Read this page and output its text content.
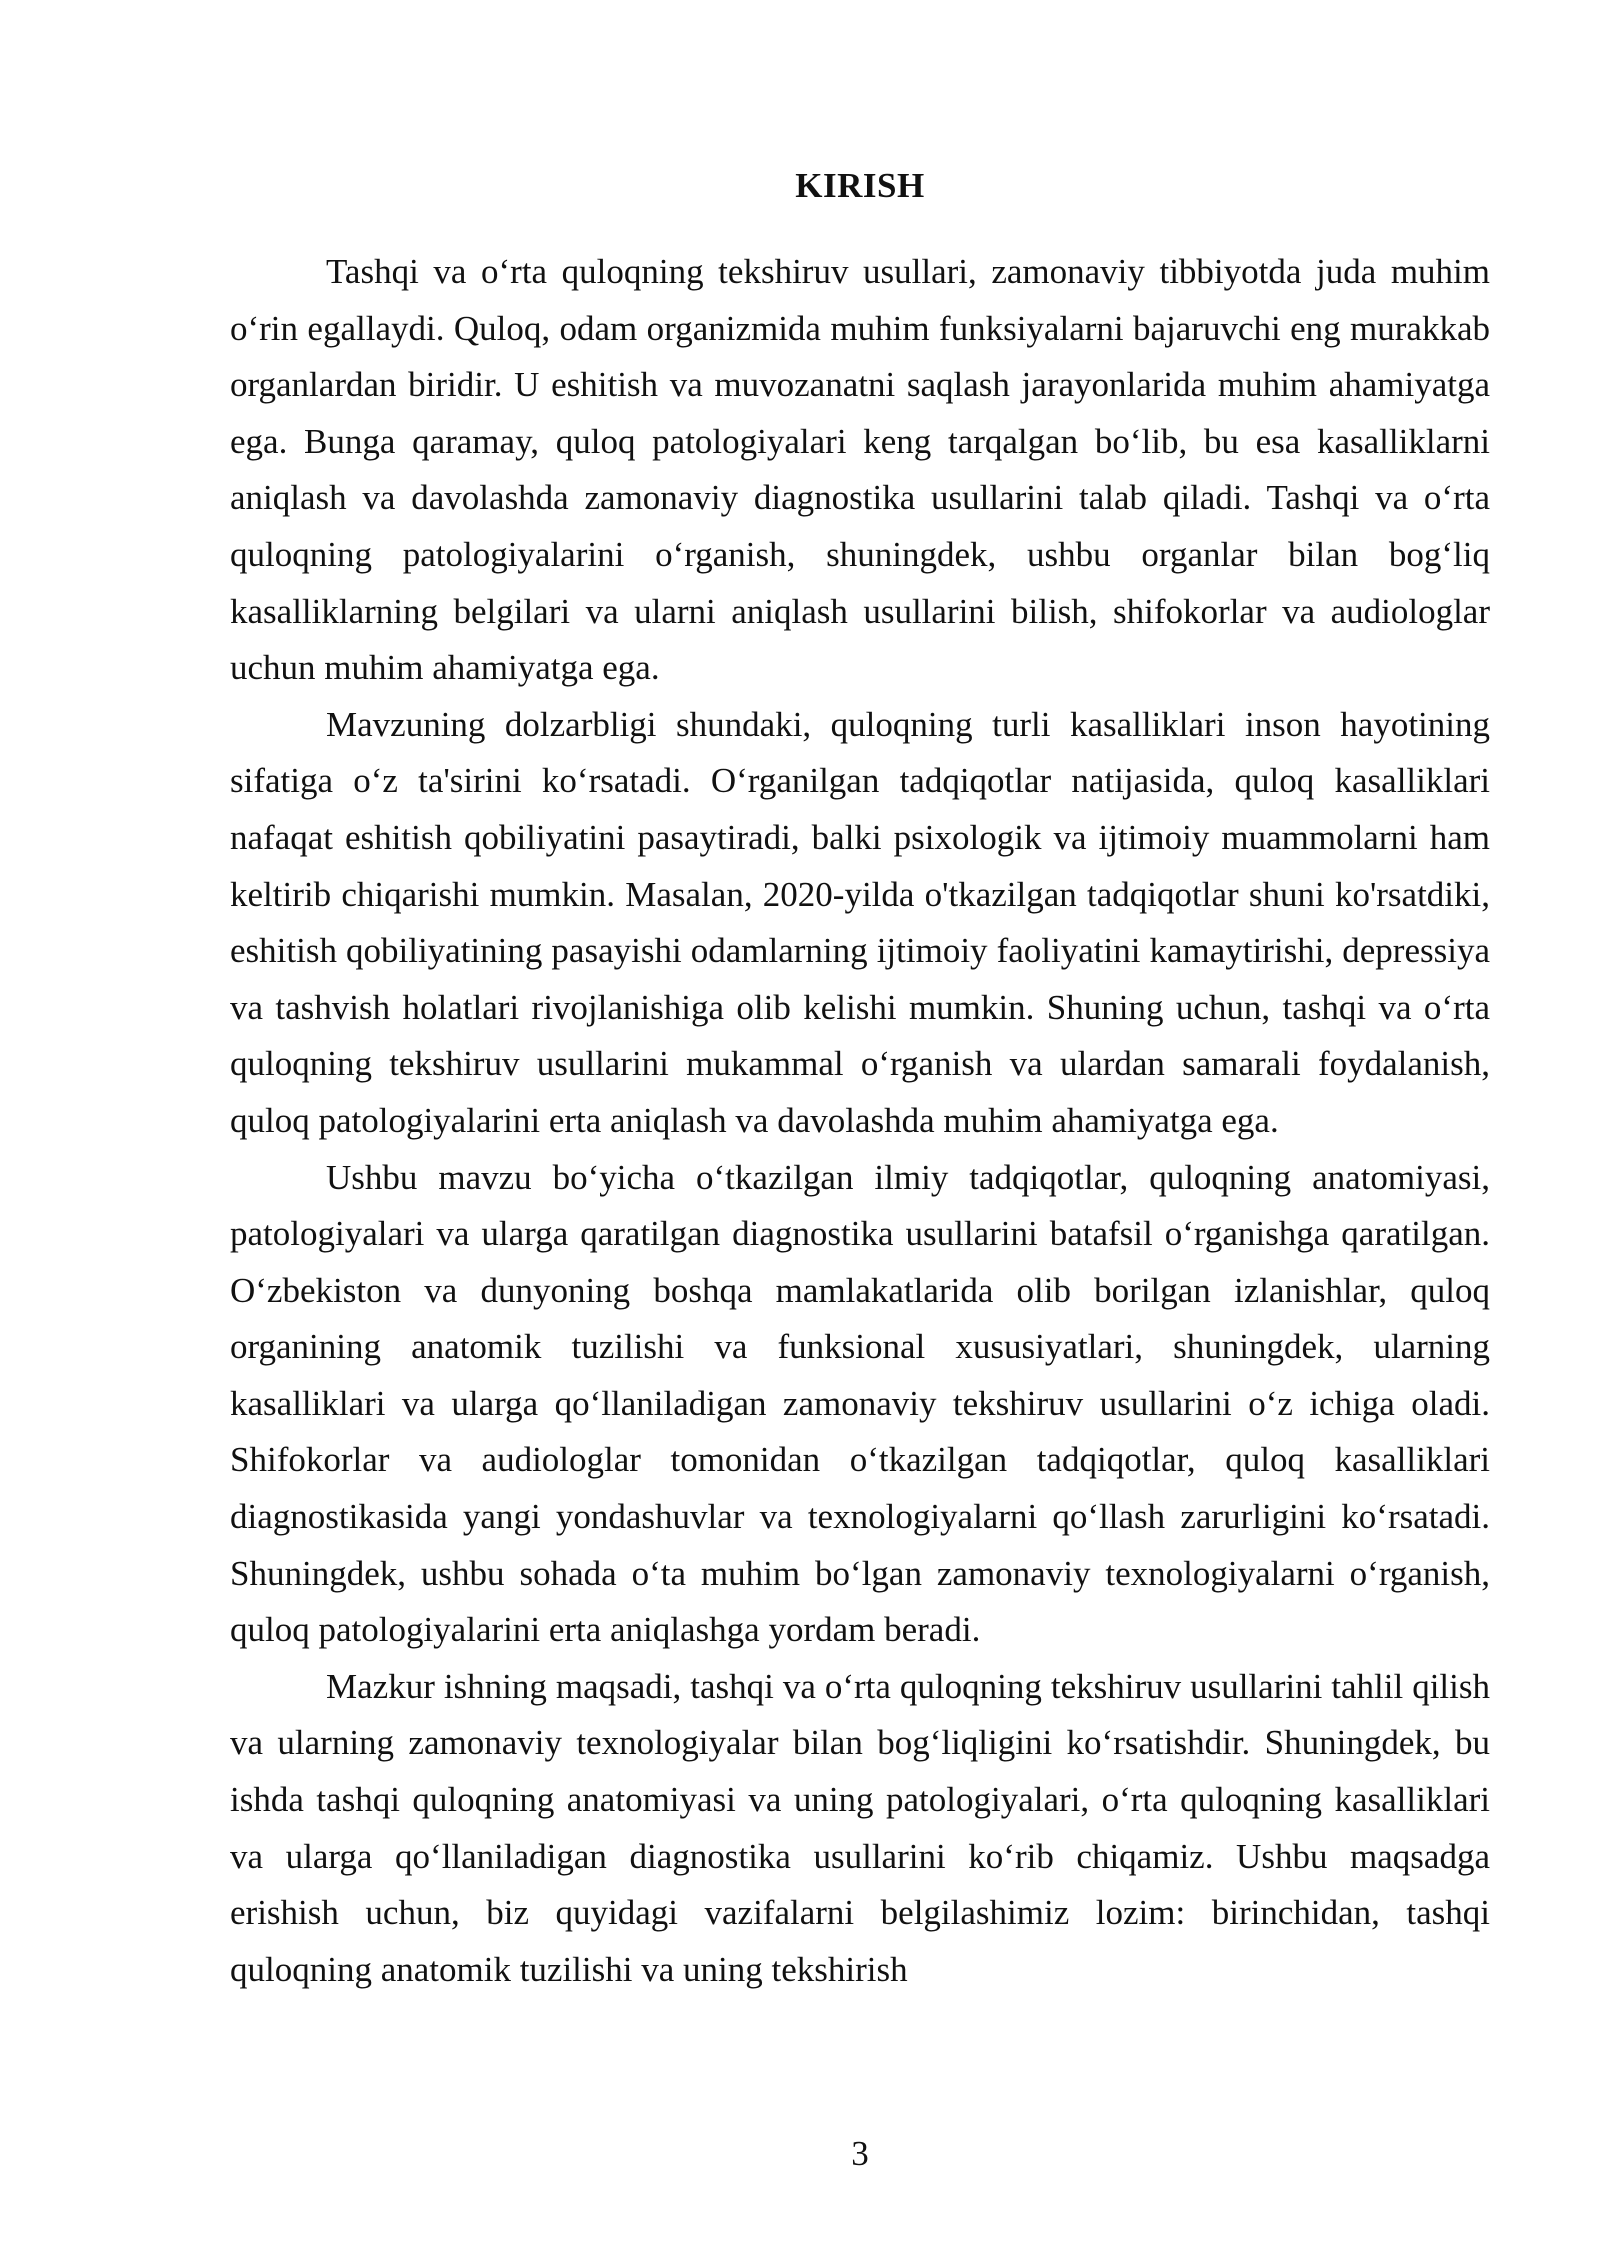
KIRISH

Tashqi va o‘rta quloqning tekshiruv usullari, zamonaviy tibbiyotda juda muhim o‘rin egallaydi. Quloq, odam organizmida muhim funksiyalarni bajaruvchi eng murakkab organlardan biridir. U eshitish va muvozanatni saqlash jarayonlarida muhim ahamiyatga ega. Bunga qaramay, quloq patologiyalari keng tarqalgan bo‘lib, bu esa kasalliklarni aniqlash va davolashda zamonaviy diagnostika usullarini talab qiladi. Tashqi va o‘rta quloqning patologiyalarini o‘rganish, shuningdek, ushbu organlar bilan bog‘liq kasalliklarning belgilari va ularni aniqlash usullarini bilish, shifokorlar va audiologlar uchun muhim ahamiyatga ega.

Mavzuning dolzarbligi shundaki, quloqning turli kasalliklari inson hayotining sifatiga o‘z ta'sirini ko‘rsatadi. O‘rganilgan tadqiqotlar natijasida, quloq kasalliklari nafaqat eshitish qobiliyatini pasaytiradi, balki psixologik va ijtimoiy muammolarni ham keltirib chiqarishi mumkin. Masalan, 2020-yilda o'tkazilgan tadqiqotlar shuni ko'rsatdiki, eshitish qobiliyatining pasayishi odamlarning ijtimoiy faoliyatini kamaytirishi, depressiya va tashvish holatlari rivojlanishiga olib kelishi mumkin. Shuning uchun, tashqi va o‘rta quloqning tekshiruv usullarini mukammal o‘rganish va ulardan samarali foydalanish, quloq patologiyalarini erta aniqlash va davolashda muhim ahamiyatga ega.

Ushbu mavzu bo‘yicha o‘tkazilgan ilmiy tadqiqotlar, quloqning anatomiyasi, patologiyalari va ularga qaratilgan diagnostika usullarini batafsil o‘rganishga qaratilgan. O‘zbekiston va dunyoning boshqa mamlakatlarida olib borilgan izlanishlar, quloq organining anatomik tuzilishi va funksional xususiyatlari, shuningdek, ularning kasalliklari va ularga qo‘llaniladigan zamonaviy tekshiruv usullarini o‘z ichiga oladi. Shifokorlar va audiologlar tomonidan o‘tkazilgan tadqiqotlar, quloq kasalliklari diagnostikasida yangi yondashuvlar va texnologiyalarni qo‘llash zarurligini ko‘rsatadi. Shuningdek, ushbu sohada o‘ta muhim bo‘lgan zamonaviy texnologiyalarni o‘rganish, quloq patologiyalarini erta aniqlashga yordam beradi.

Mazkur ishning maqsadi, tashqi va o‘rta quloqning tekshiruv usullarini tahlil qilish va ularning zamonaviy texnologiyalar bilan bog‘liqligini ko‘rsatishdir. Shuningdek, bu ishda tashqi quloqning anatomiyasi va uning patologiyalari, o‘rta quloqning kasalliklari va ularga qo‘llaniladigan diagnostika usullarini ko‘rib chiqamiz. Ushbu maqsadga erishish uchun, biz quyidagi vazifalarni belgilashimiz lozim: birinchidan, tashqi quloqning anatomik tuzilishi va uning tekshirish

3
